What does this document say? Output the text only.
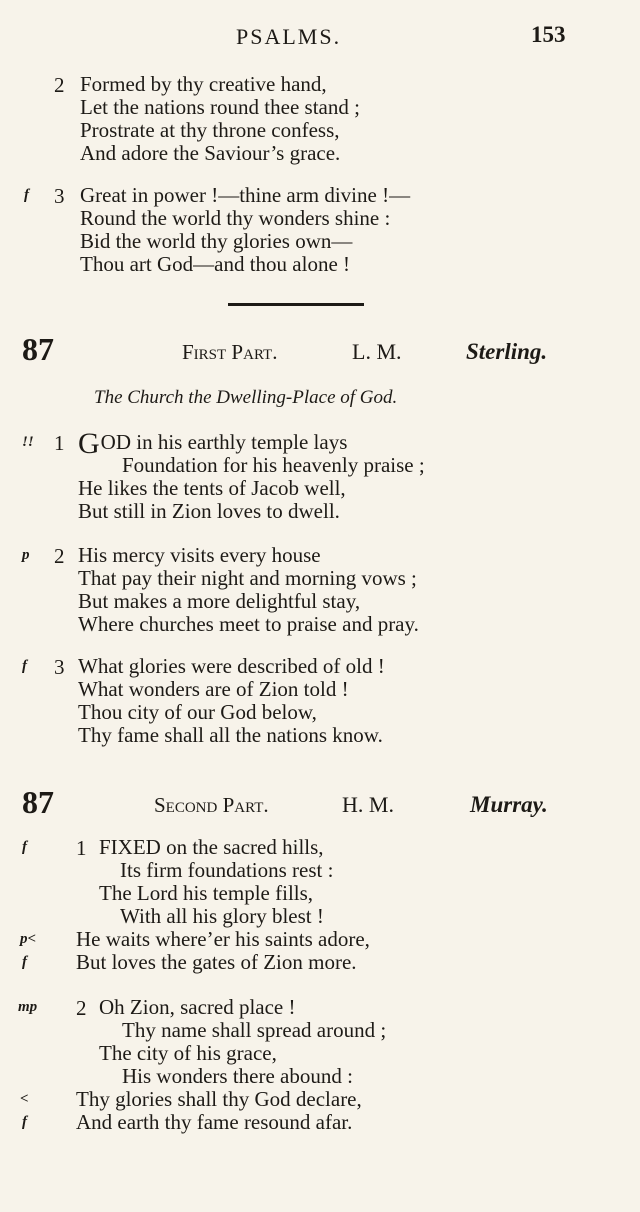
PSALMS.	153
2 Formed by thy creative hand,
Let the nations round thee stand ;
Prostrate at thy throne confess,
And adore the Saviour’s grace.
f 3 Great in power !—thine arm divine !—
Round the world thy wonders shine :
Bid the world thy glories own—
Thou art God—and thou alone !
87	First Part.	L. M.	Sterling.
The Church the Dwelling-Place of God.
!! 1 GOD in his earthly temple lays
Foundation for his heavenly praise ;
He likes the tents of Jacob well,
But still in Zion loves to dwell.
p 2 His mercy visits every house
That pay their night and morning vows ;
But makes a more delightful stay,
Where churches meet to praise and pray.
f 3 What glories were described of old !
What wonders are of Zion told !
Thou city of our God below,
Thy fame shall all the nations know.
87	Second Part.	H. M.	Murray.
f 1 FIXED on the sacred hills,
Its firm foundations rest :
The Lord his temple fills,
With all his glory blest !
p< He waits where’er his saints adore,
f But loves the gates of Zion more.
mp 2 Oh Zion, sacred place !
Thy name shall spread around ;
The city of his grace,
His wonders there abound :
< Thy glories shall thy God declare,
f And earth thy fame resound afar.
